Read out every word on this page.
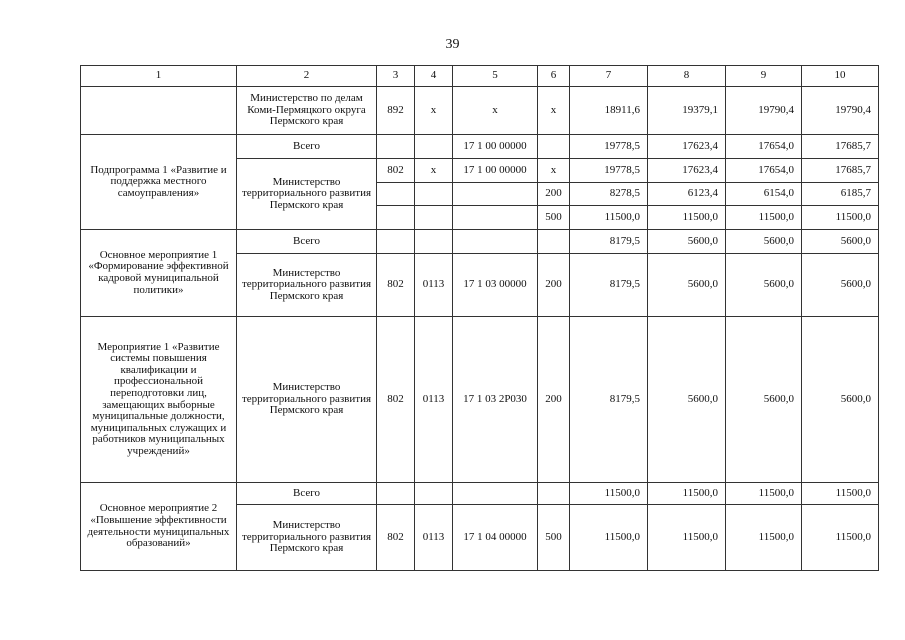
39
1	2	3	4	5	6	7	8	9	10
	Министерство по делам Коми-Пермяцкого округа Пермского края	892	х	х	х	18911,6	19379,1	19790,4	19790,4
Подпрограмма 1 «Развитие и поддержка местного самоуправления»	Всего			17 1 00 00000		19778,5	17623,4	17654,0	17685,7
	Министерство территориального развития Пермского края	802	х	17 1 00 00000	х	19778,5	17623,4	17654,0	17685,7
					200	8278,5	6123,4	6154,0	6185,7
					500	11500,0	11500,0	11500,0	11500,0
Основное мероприятие 1 «Формирование эффективной кадровой муниципальной политики»	Всего					8179,5	5600,0	5600,0	5600,0
	Министерство территориального развития Пермского края	802	0113	17 1 03 00000	200	8179,5	5600,0	5600,0	5600,0
Мероприятие 1 «Развитие системы повышения квалификации и профессиональной переподготовки лиц, замещающих выборные муниципальные должности, муниципальных служащих и работников муниципальных учреждений»	Министерство территориального развития Пермского края	802	0113	17 1 03 2Р030	200	8179,5	5600,0	5600,0	5600,0
Основное мероприятие 2 «Повышение эффективности деятельности муниципальных образований»	Всего					11500,0	11500,0	11500,0	11500,0
	Министерство территориального развития Пермского края	802	0113	17 1 04 00000	500	11500,0	11500,0	11500,0	11500,0
